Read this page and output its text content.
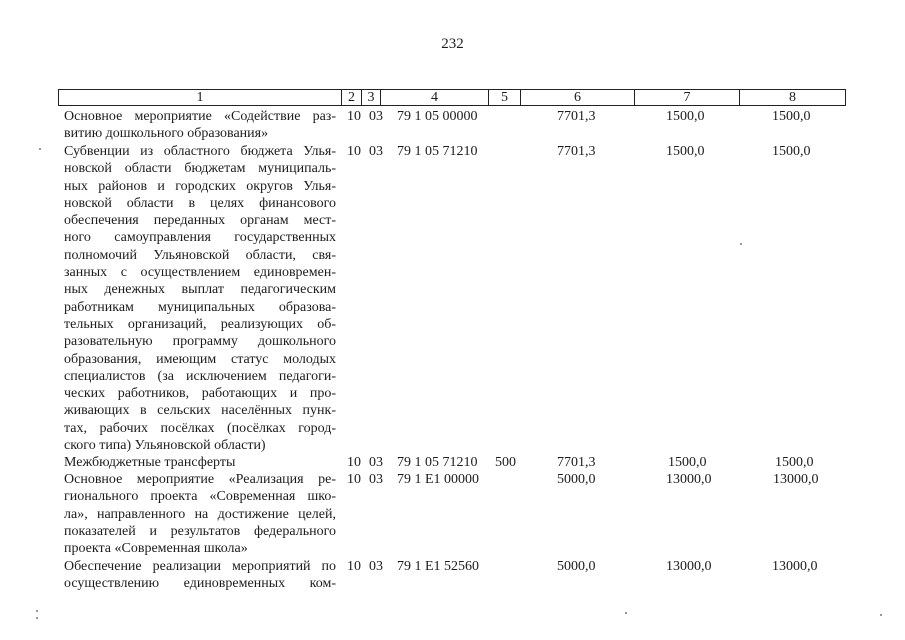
232
1	2 3	4	5	6	7	8
Основное мероприятие «Содействие раз-
витию дошкольного образования»
10 03 79 1 05 00000	7701,3	1500,0	1500,0
Субвенции из областного бюджета Улья-
новской области бюджетам муниципаль-
ных районов и городских округов Улья-
новской области в целях финансового
обеспечения переданных органам мест-
ного самоуправления государственных
полномочий Ульяновской области, свя-
занных с осуществлением единовремен-
ных денежных выплат педагогическим
работникам муниципальных образова-
тельных организаций, реализующих об-
разовательную программу дошкольного
образования, имеющим статус молодых
специалистов (за исключением педагоги-
ческих работников, работающих и про-
живающих в сельских населённых пунк-
тах, рабочих посёлках (посёлках город-
ского типа) Ульяновской области)
10 03 79 1 05 71210	7701,3	1500,0	1500,0
Межбюджетные трансферты	10 03 79 1 05 71210 500	7701,3	1500,0	1500,0
Основное мероприятие «Реализация ре-
гионального проекта «Современная шко-
ла», направленного на достижение целей,
показателей и результатов федерального
проекта «Современная школа»
10 03 79 1 E1 00000	5000,0	13000,0	13000,0
Обеспечение реализации мероприятий по
осуществлению единовременных ком-
10 03 79 1 E1 52560	5000,0	13000,0	13000,0
